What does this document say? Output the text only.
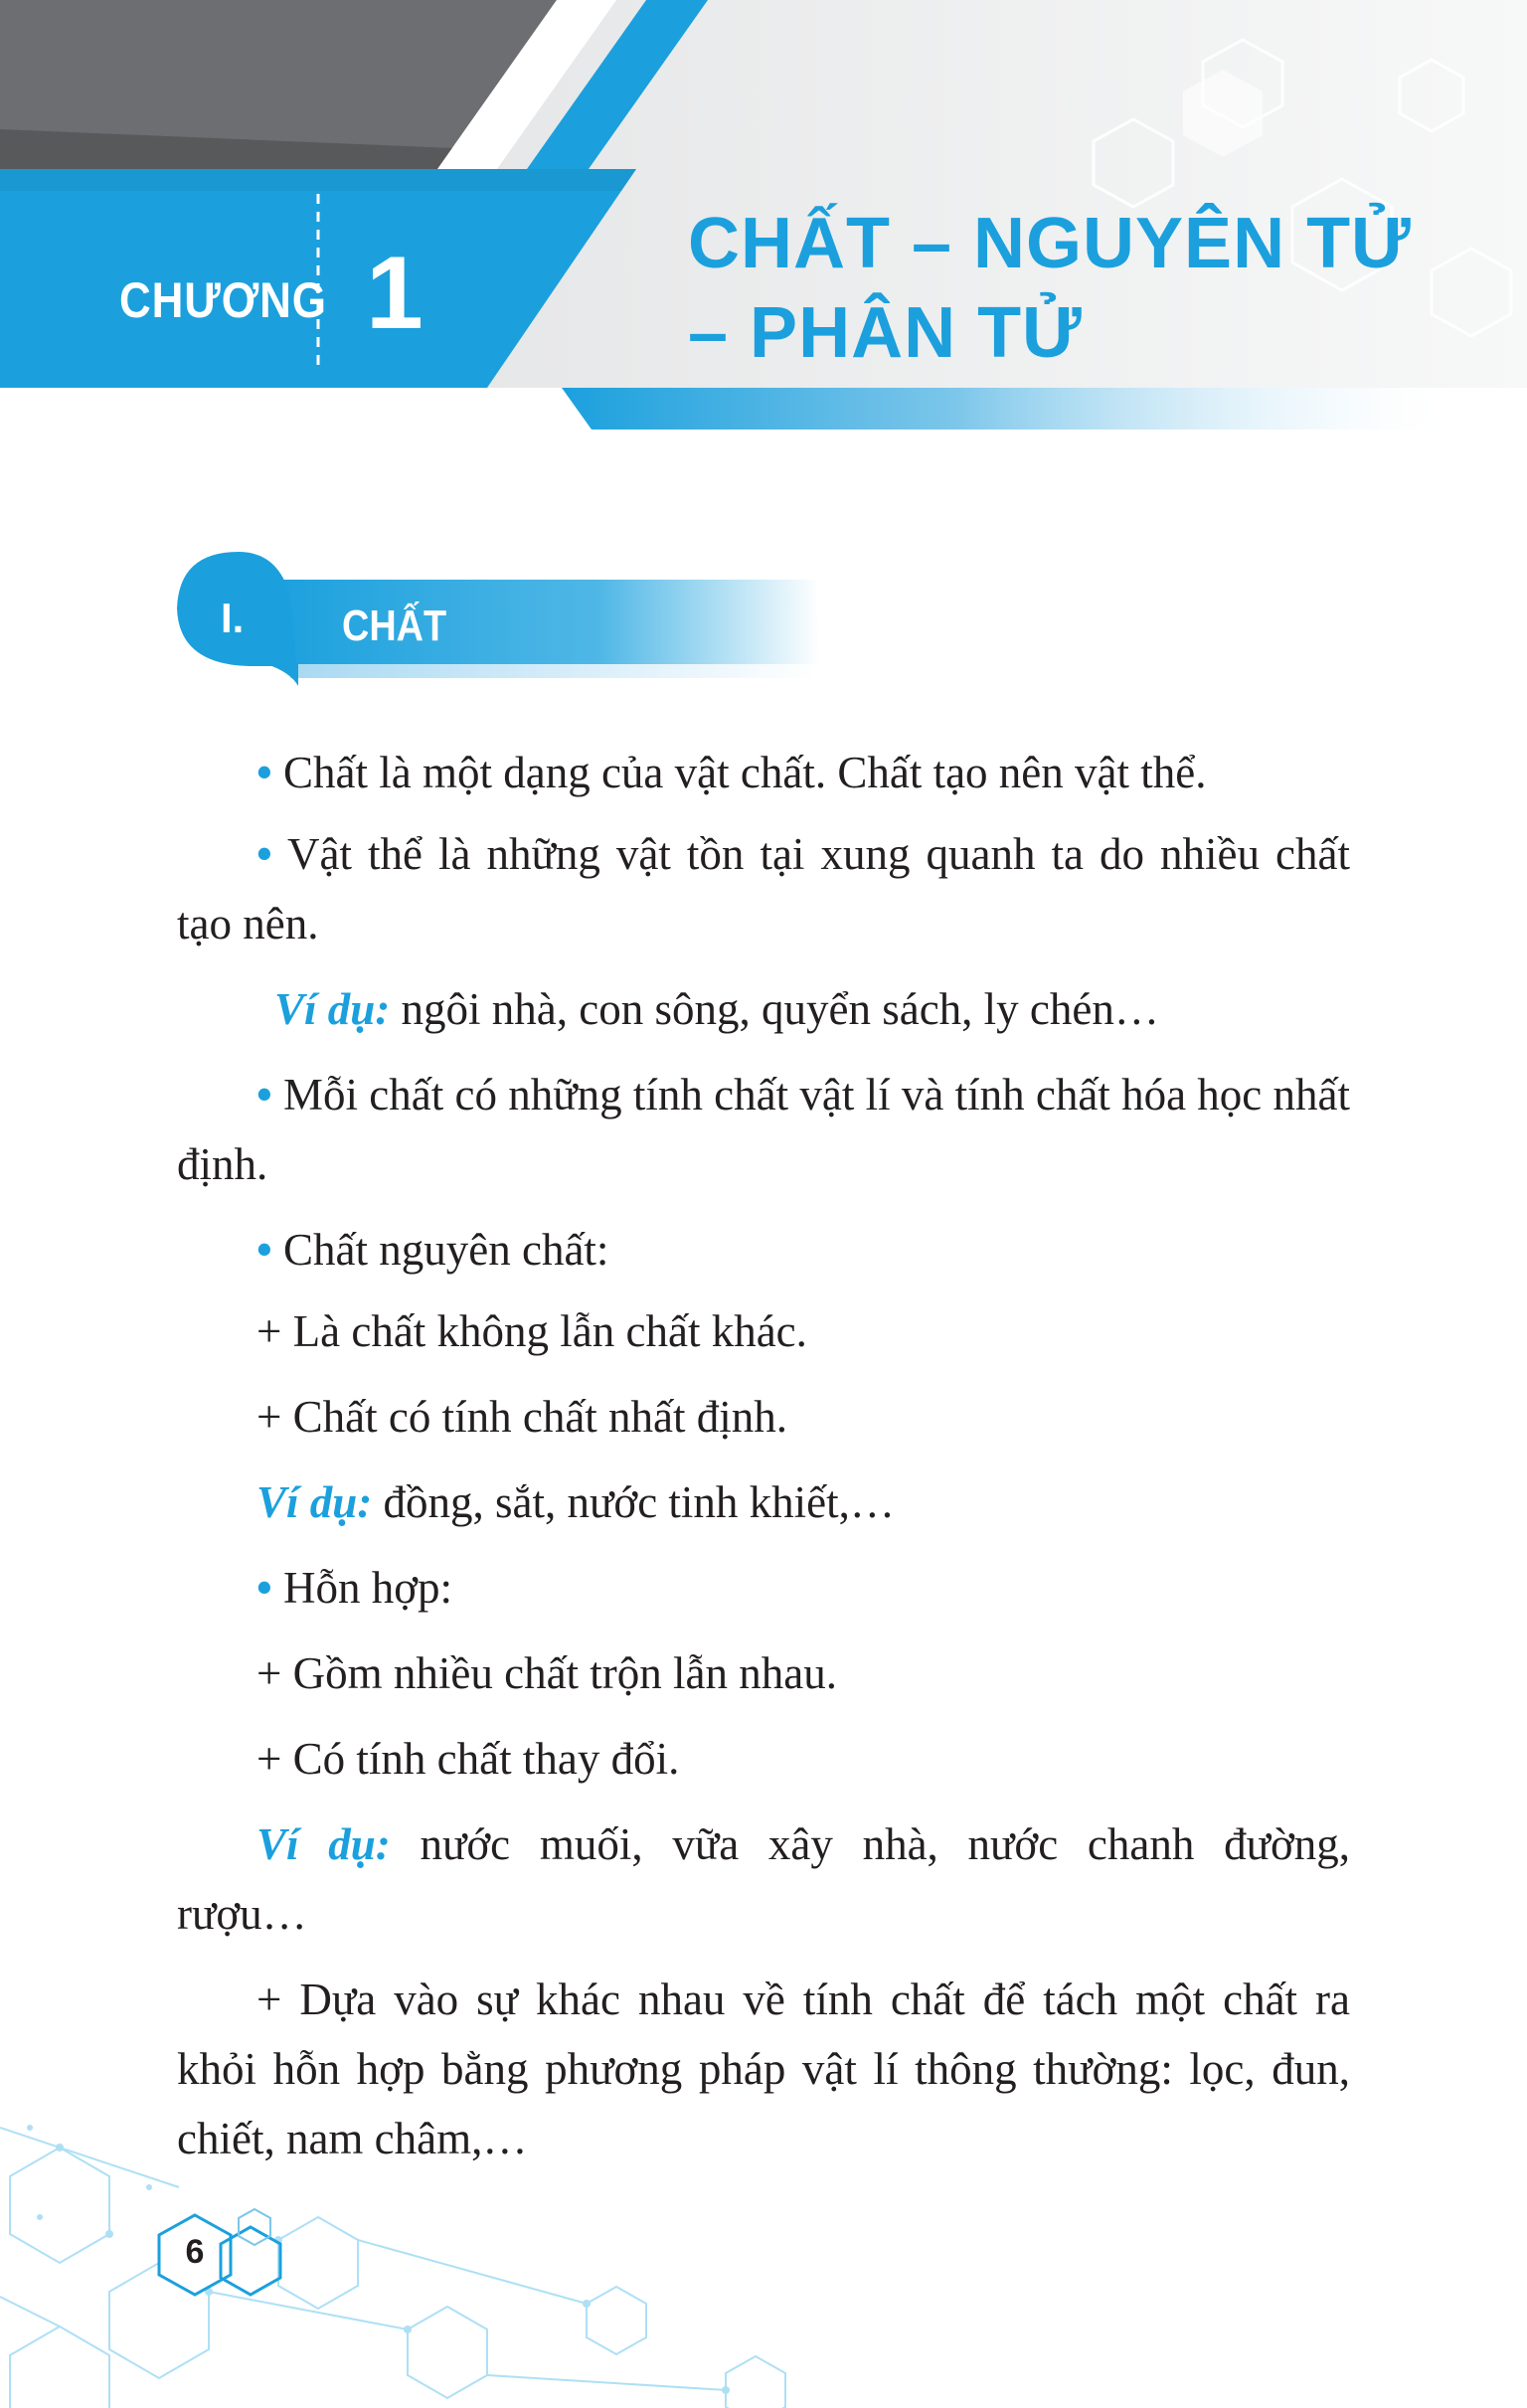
CHƯƠNG 1	CHẤT – NGUYÊN TỬ
– PHÂN TỬ
I. CHẤT

• Chất là một dạng của vật chất. Chất tạo nên vật thể.

• Vật thể là những vật tồn tại xung quanh ta do nhiều chất tạo nên.

Ví dụ: ngôi nhà, con sông, quyển sách, ly chén…

• Mỗi chất có những tính chất vật lí và tính chất hóa học nhất định.

• Chất nguyên chất:

+ Là chất không lẫn chất khác.

+ Chất có tính chất nhất định.

Ví dụ: đồng, sắt, nước tinh khiết,…

• Hỗn hợp:

+ Gồm nhiều chất trộn lẫn nhau.

+ Có tính chất thay đổi.

Ví dụ: nước muối, vữa xây nhà, nước chanh đường, rượu…

+ Dựa vào sự khác nhau về tính chất để tách một chất ra khỏi hỗn hợp bằng phương pháp vật lí thông thường: lọc, đun, chiết, nam châm,…

6
